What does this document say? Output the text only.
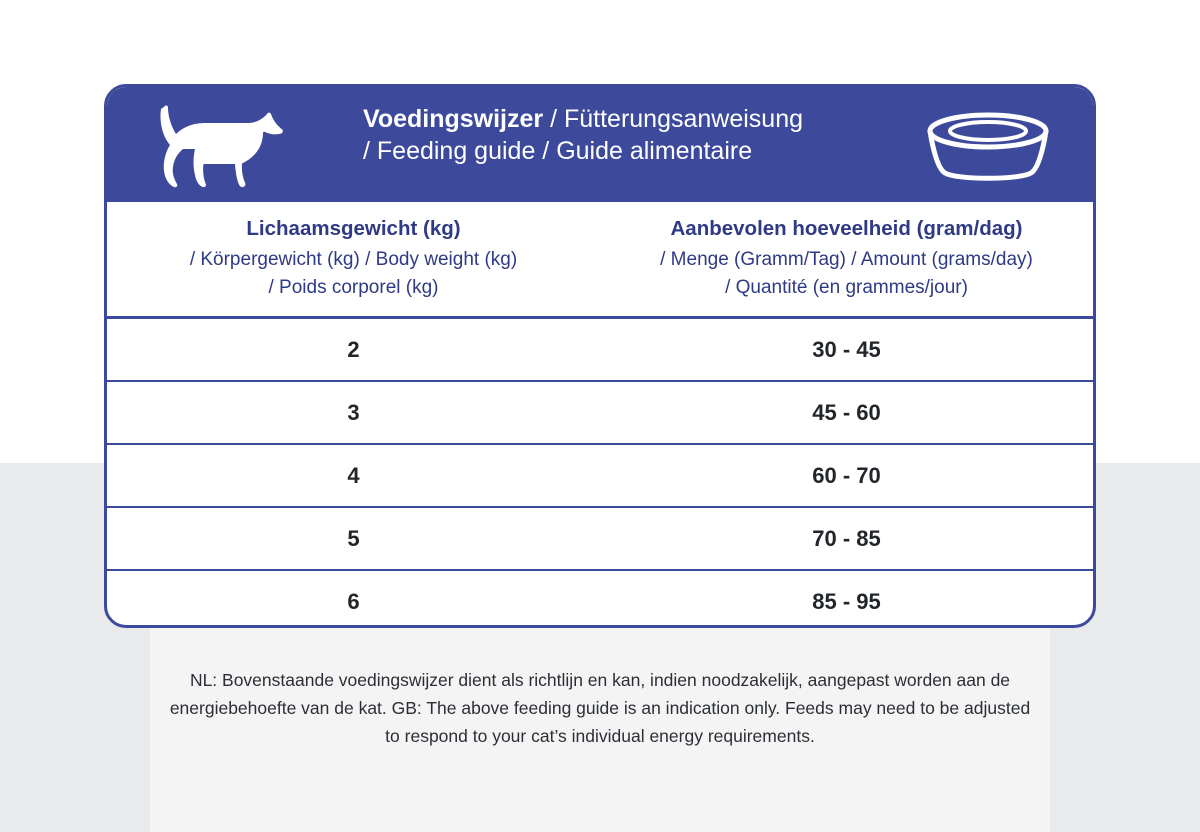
Voedingswijzer / Fütterungsanweisung
/ Feeding guide / Guide alimentaire
Lichaamsgewicht (kg)
/ Körpergewicht (kg) / Body weight (kg)
/ Poids corporel (kg)
Aanbevolen hoeveelheid (gram/dag)
/ Menge (Gramm/Tag) / Amount (grams/day)
/ Quantité (en grammes/jour)
2	30 - 45
3	45 - 60
4	60 - 70
5	70 - 85
6	85 - 95
NL: Bovenstaande voedingswijzer dient als richtlijn en kan, indien noodzakelijk, aangepast worden aan de
energiebehoefte van de kat. GB: The above feeding guide is an indication only. Feeds may need to be adjusted
to respond to your cat’s individual energy requirements.
